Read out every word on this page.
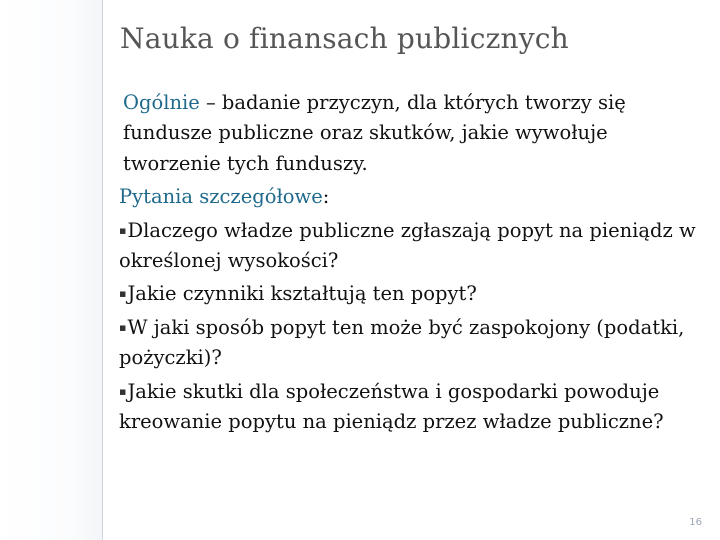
Nauka o finansach publicznych

Ogólnie – badanie przyczyn, dla których tworzy się fundusze publiczne oraz skutków, jakie wywołuje tworzenie tych funduszy.

Pytania szczegółowe:

▪Dlaczego władze publiczne zgłaszają popyt na pieniądz w określonej wysokości?

▪Jakie czynniki kształtują ten popyt?

▪W jaki sposób popyt ten może być zaspokojony (podatki, pożyczki)?

▪Jakie skutki dla społeczeństwa i gospodarki powoduje kreowanie popytu na pieniądz przez władze publiczne?

16
